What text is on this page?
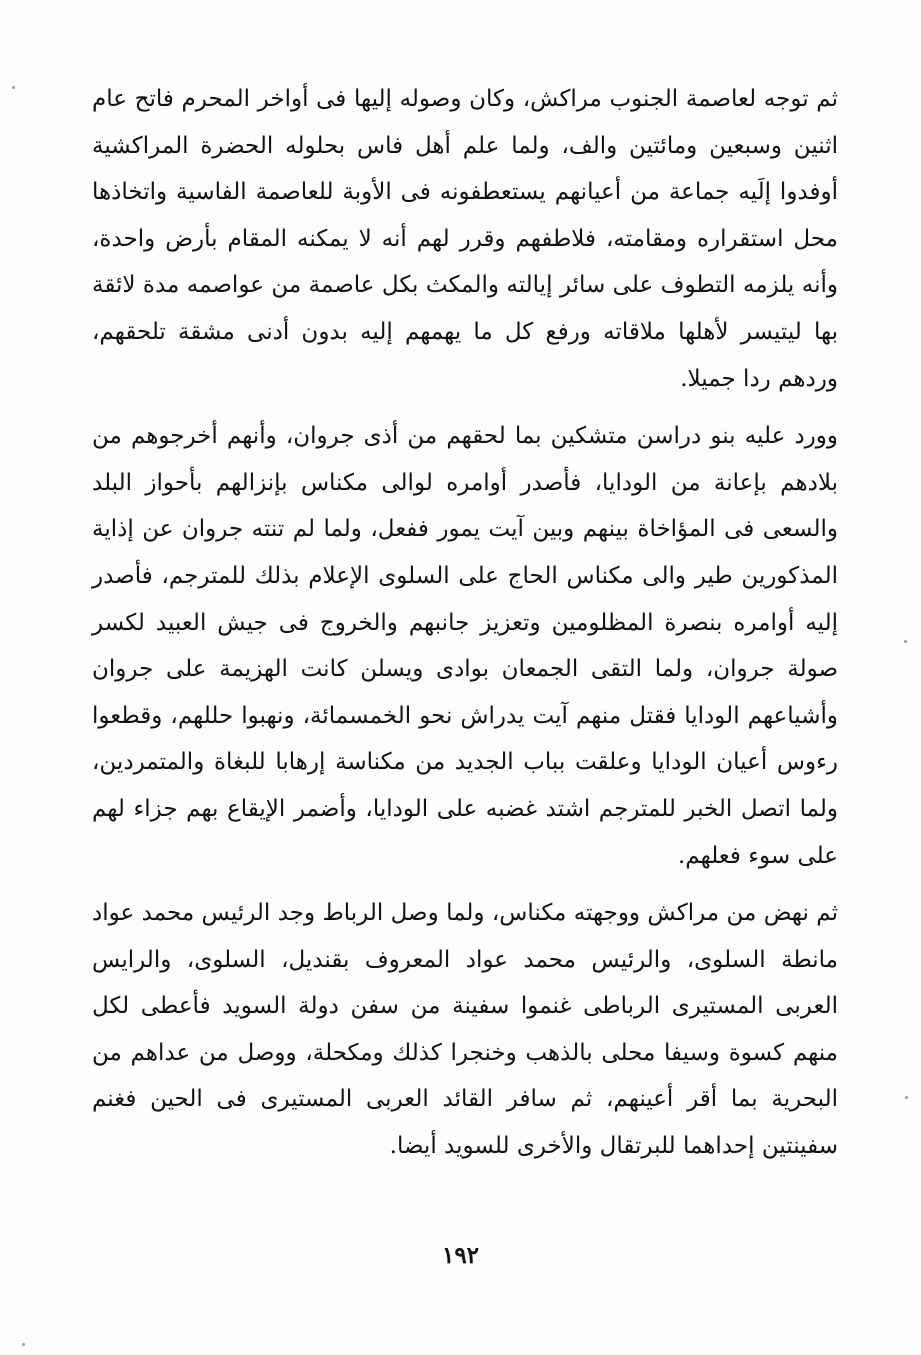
ثم توجه لعاصمة الجنوب مراكش، وكان وصوله إليها فى أواخر المحرم فاتح عام اثنين وسبعين ومائتين والف، ولما علم أهل فاس بحلوله الحضرة المراكشية أوفدوا إلَيه جماعة من أعيانهم يستعطفونه فى الأوبة للعاصمة الفاسية واتخاذها محل استقراره ومقامته، فلاطفهم وقرر لهم أنه لا يمكنه المقام بأرض واحدة، وأنه يلزمه التطوف على سائر إيالته والمكث بكل عاصمة من عواصمه مدة لائقة بها ليتيسر لأهلها ملاقاته ورفع كل ما يهمهم إليه بدون أدنى مشقة تلحقهم، وردهم ردا جميلا.

وورد عليه بنو دراسن متشكين بما لحقهم من أذى جروان، وأنهم أخرجوهم من بلادهم بإعانة من الودايا، فأصدر أوامره لوالى مكناس بإنزالهم بأحواز البلد والسعى فى المؤاخاة بينهم وبين آيت يمور ففعل، ولما لم تنته جروان عن إذاية المذكورين طير والى مكناس الحاج على السلوى الإعلام بذلك للمترجم، فأصدر إليه أوامره بنصرة المظلومين وتعزيز جانبهم والخروج فى جيش العبيد لكسر صولة جروان، ولما التقى الجمعان بوادى ويسلن كانت الهزيمة على جروان وأشياعهم الودايا فقتل منهم آيت يدراش نحو الخمسمائة، ونهبوا حللهم، وقطعوا رءوس أعيان الودايا وعلقت بباب الجديد من مكناسة إرهابا للبغاة والمتمردين، ولما اتصل الخبر للمترجم اشتد غضبه على الودايا، وأضمر الإيقاع بهم جزاء لهم على سوء فعلهم.

ثم نهض من مراكش ووجهته مكناس، ولما وصل الرباط وجد الرئيس محمد عواد مانطة السلوى، والرئيس محمد عواد المعروف بقنديل، السلوى، والرايس العربى المستيرى الرباطى غنموا سفينة من سفن دولة السويد فأعطى لكل منهم كسوة وسيفا محلى بالذهب وخنجرا كذلك ومكحلة، ووصل من عداهم من البحرية بما أقر أعينهم، ثم سافر القائد العربى المستيرى فى الحين فغنم سفينتين إحداهما للبرتقال والأخرى للسويد أيضا.

١٩٢
